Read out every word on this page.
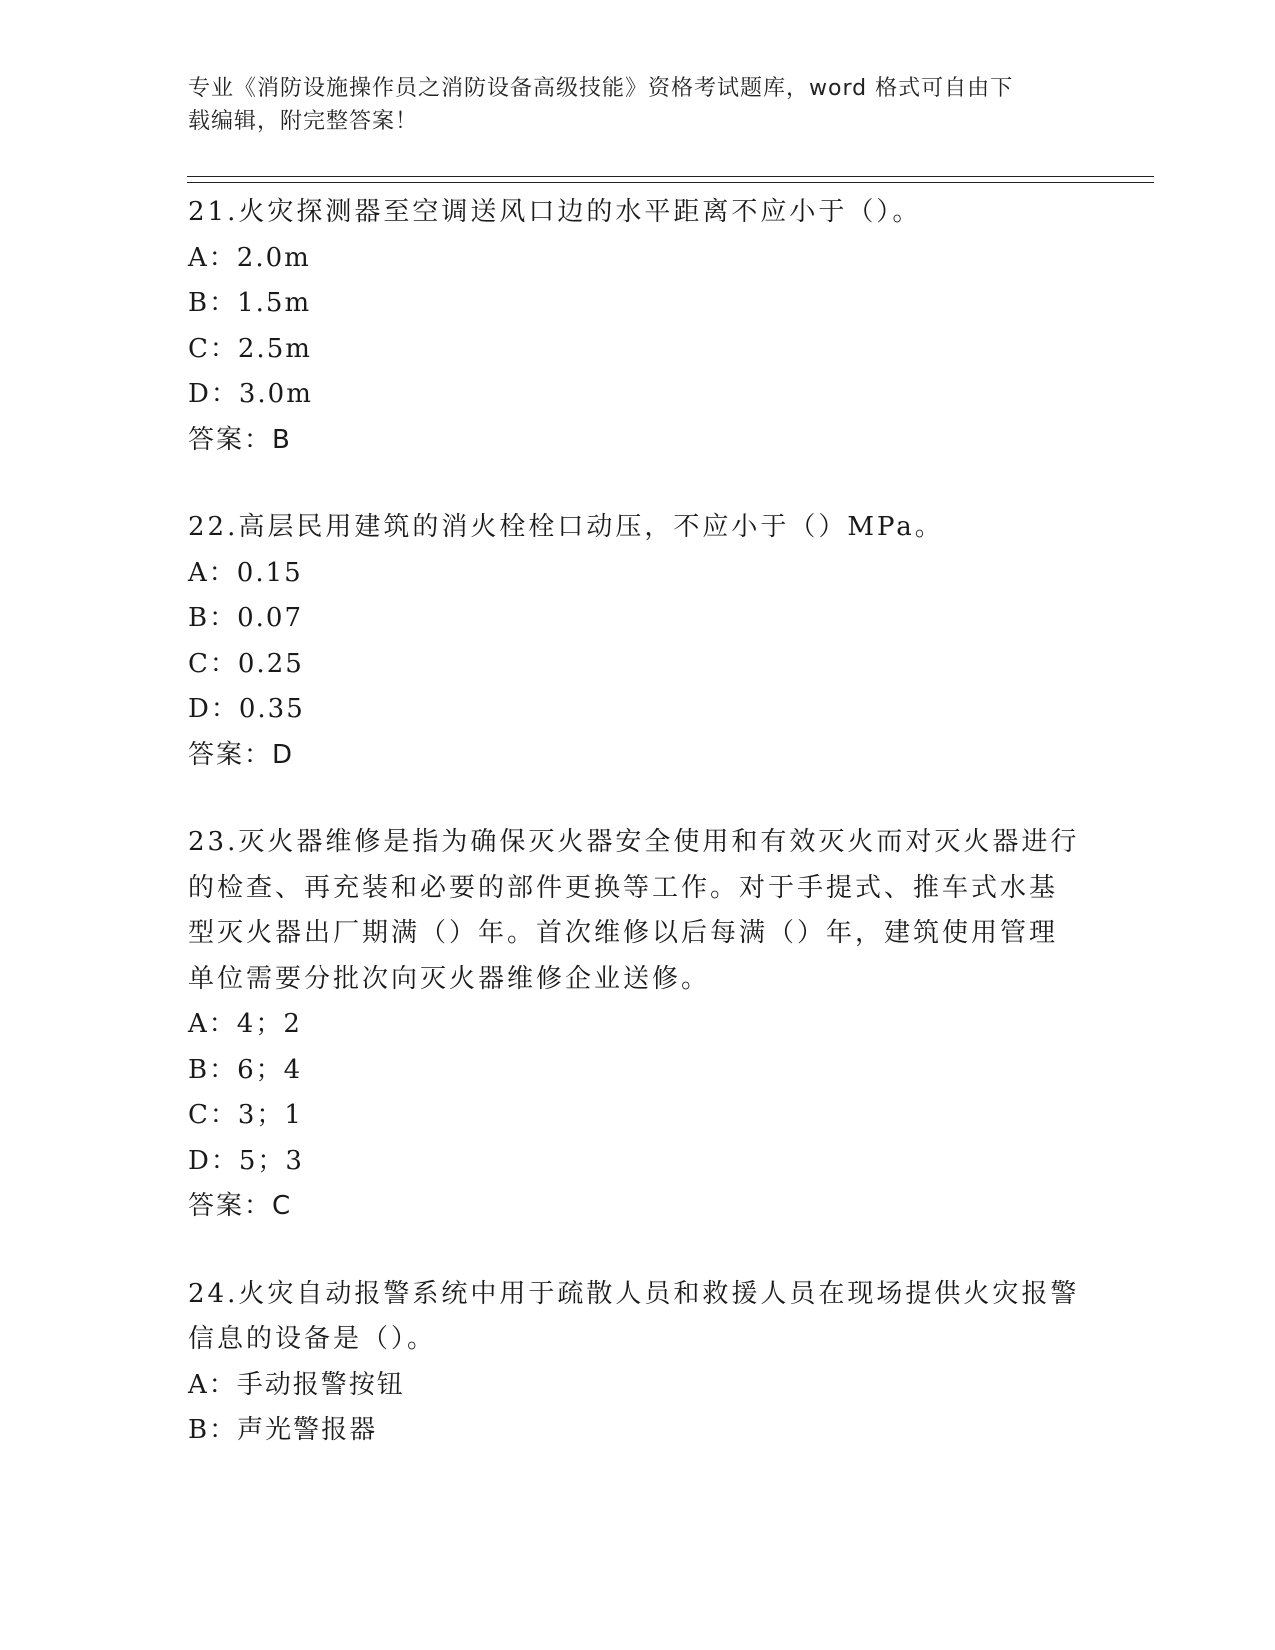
专业《消防设施操作员之消防设备高级技能》资格考试题库，word 格式可自由下
载编辑，附完整答案！

21.火灾探测器至空调送风口边的水平距离不应小于（）。

A：2.0m
B：1.5m
C：2.5m
D：3.0m
答案：B

22.高层民用建筑的消火栓栓口动压，不应小于（）MPa。

A：0.15
B：0.07
C：0.25
D：0.35
答案：D

23.灭火器维修是指为确保灭火器安全使用和有效灭火而对灭火器进行

的检查、再充装和必要的部件更换等工作。对于手提式、推车式水基

型灭火器出厂期满（）年。首次维修以后每满（）年，建筑使用管理

单位需要分批次向灭火器维修企业送修。

A：4；2
B：6；4
C：3；1
D：5；3
答案：C

24.火灾自动报警系统中用于疏散人员和救援人员在现场提供火灾报警

信息的设备是（）。

A：手动报警按钮
B：声光警报器
